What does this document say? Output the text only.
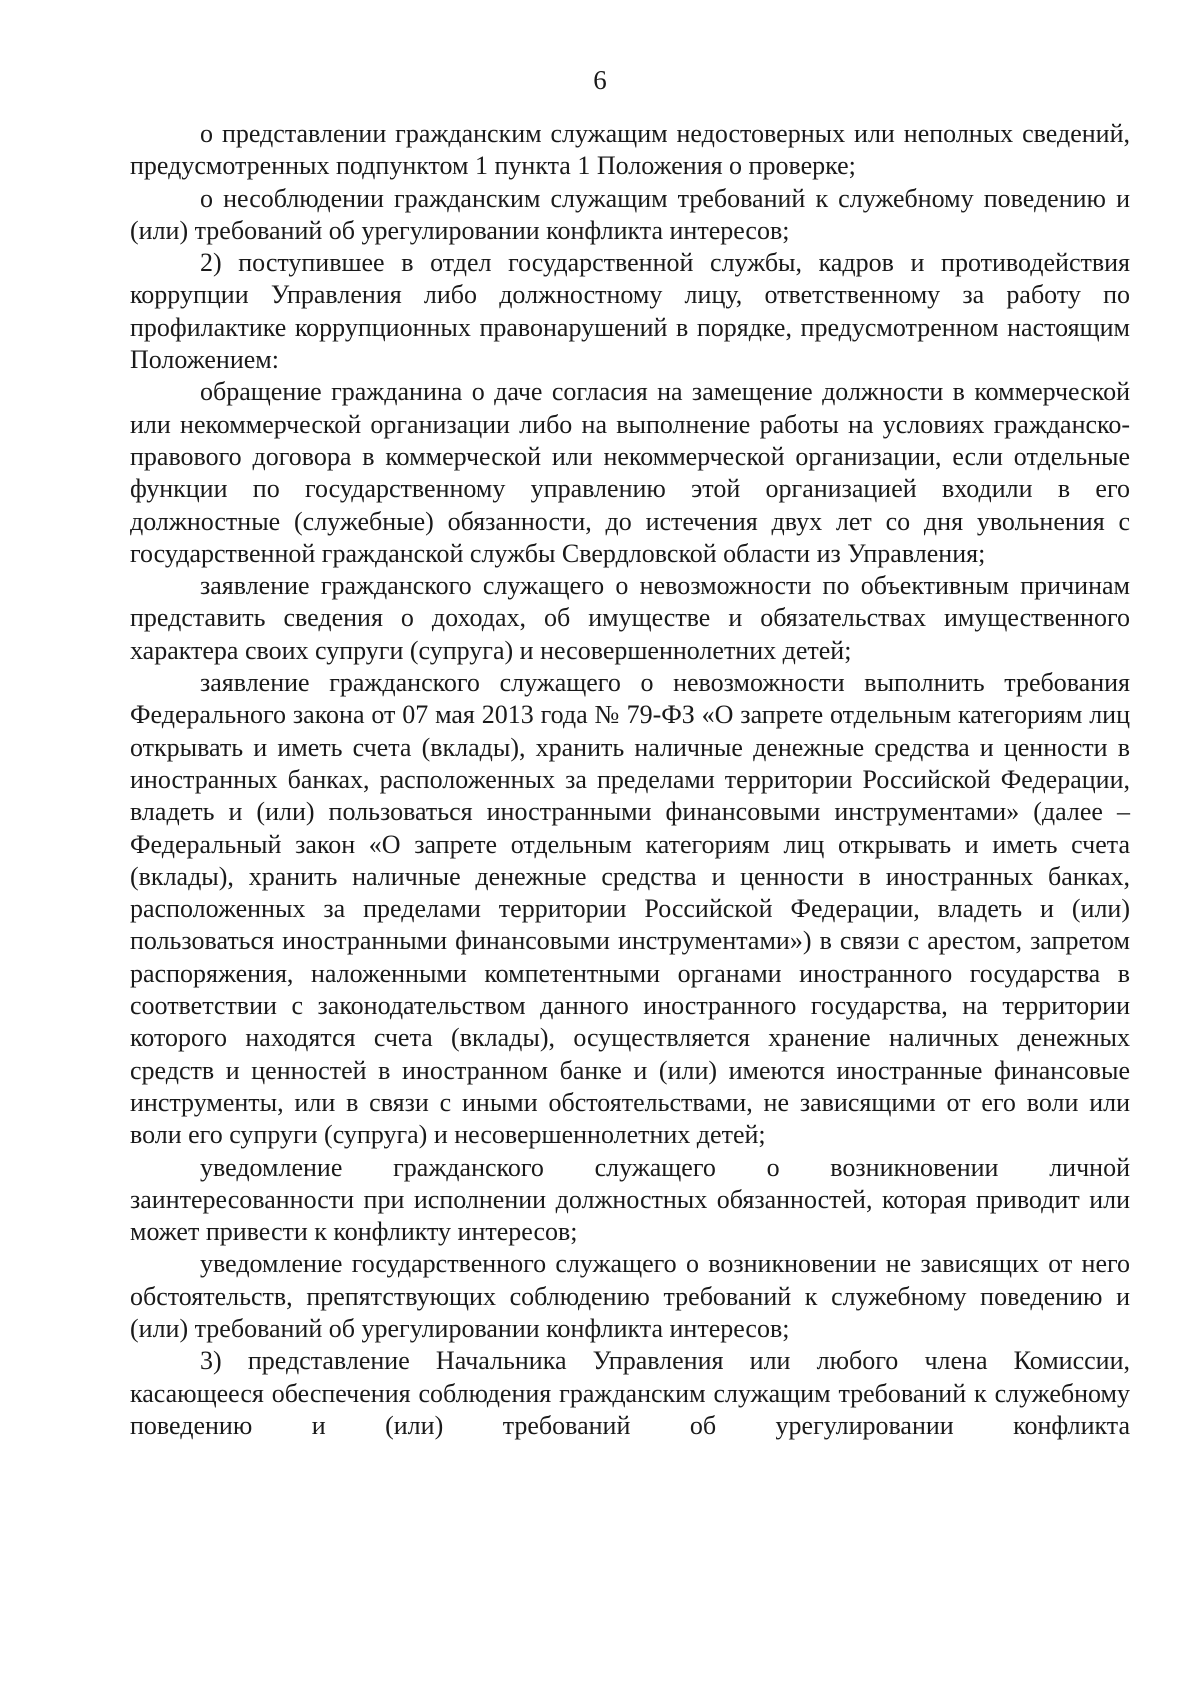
6

о представлении гражданским служащим недостоверных или неполных сведений, предусмотренных подпунктом 1 пункта 1 Положения о проверке;

о несоблюдении гражданским служащим требований к служебному поведению и (или) требований об урегулировании конфликта интересов;

2) поступившее в отдел государственной службы, кадров и противодействия коррупции Управления либо должностному лицу, ответственному за работу по профилактике коррупционных правонарушений в порядке, предусмотренном настоящим Положением:

обращение гражданина о даче согласия на замещение должности в коммерческой или некоммерческой организации либо на выполнение работы на условиях гражданско-правового договора в коммерческой или некоммерческой организации, если отдельные функции по государственному управлению этой организацией входили в его должностные (служебные) обязанности, до истечения двух лет со дня увольнения с государственной гражданской службы Свердловской области из Управления;

заявление гражданского служащего о невозможности по объективным причинам представить сведения о доходах, об имуществе и обязательствах имущественного характера своих супруги (супруга) и несовершеннолетних детей;

заявление гражданского служащего о невозможности выполнить требования Федерального закона от 07 мая 2013 года № 79-ФЗ «О запрете отдельным категориям лиц открывать и иметь счета (вклады), хранить наличные денежные средства и ценности в иностранных банках, расположенных за пределами территории Российской Федерации, владеть и (или) пользоваться иностранными финансовыми инструментами» (далее – Федеральный закон «О запрете отдельным категориям лиц открывать и иметь счета (вклады), хранить наличные денежные средства и ценности в иностранных банках, расположенных за пределами территории Российской Федерации, владеть и (или) пользоваться иностранными финансовыми инструментами») в связи с арестом, запретом распоряжения, наложенными компетентными органами иностранного государства в соответствии с законодательством данного иностранного государства, на территории которого находятся счета (вклады), осуществляется хранение наличных денежных средств и ценностей в иностранном банке и (или) имеются иностранные финансовые инструменты, или в связи с иными обстоятельствами, не зависящими от его воли или воли его супруги (супруга) и несовершеннолетних детей;

уведомление гражданского служащего о возникновении личной заинтересованности при исполнении должностных обязанностей, которая приводит или может привести к конфликту интересов;

уведомление государственного служащего о возникновении не зависящих от него обстоятельств, препятствующих соблюдению требований к служебному поведению и (или) требований об урегулировании конфликта интересов;

3) представление Начальника Управления или любого члена Комиссии, касающееся обеспечения соблюдения гражданским служащим требований к служебному поведению и (или) требований об урегулировании конфликта
